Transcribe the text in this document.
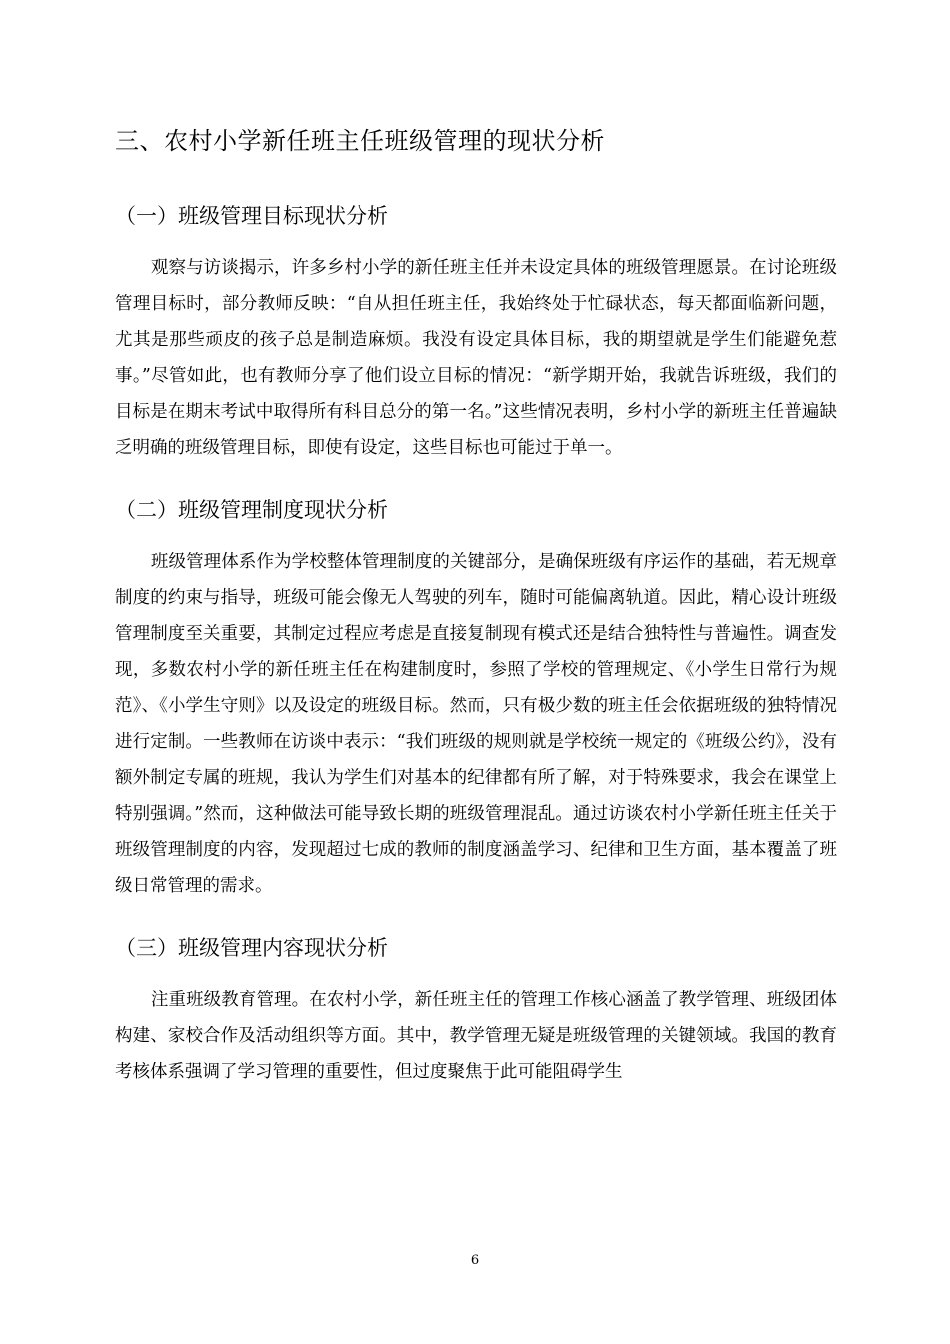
三、农村小学新任班主任班级管理的现状分析
（一）班级管理目标现状分析

观察与访谈揭示，许多乡村小学的新任班主任并未设定具体的班级管理愿景。在讨论班级管理目标时，部分教师反映：“自从担任班主任，我始终处于忙碌状态，每天都面临新问题，尤其是那些顽皮的孩子总是制造麻烦。我没有设定具体目标，我的期望就是学生们能避免惹事。”尽管如此，也有教师分享了他们设立目标的情况：“新学期开始，我就告诉班级，我们的目标是在期末考试中取得所有科目总分的第一名。”这些情况表明，乡村小学的新班主任普遍缺乏明确的班级管理目标，即使有设定，这些目标也可能过于单一。

（二）班级管理制度现状分析

班级管理体系作为学校整体管理制度的关键部分，是确保班级有序运作的基础，若无规章制度的约束与指导，班级可能会像无人驾驶的列车，随时可能偏离轨道。因此，精心设计班级管理制度至关重要，其制定过程应考虑是直接复制现有模式还是结合独特性与普遍性。调查发现，多数农村小学的新任班主任在构建制度时，参照了学校的管理规定、《小学生日常行为规范》、《小学生守则》以及设定的班级目标。然而，只有极少数的班主任会依据班级的独特情况进行定制。一些教师在访谈中表示：“我们班级的规则就是学校统一规定的《班级公约》，没有额外制定专属的班规，我认为学生们对基本的纪律都有所了解，对于特殊要求，我会在课堂上特别强调。”然而，这种做法可能导致长期的班级管理混乱。通过访谈农村小学新任班主任关于班级管理制度的内容，发现超过七成的教师的制度涵盖学习、纪律和卫生方面，基本覆盖了班级日常管理的需求。

（三）班级管理内容现状分析

注重班级教育管理。在农村小学，新任班主任的管理工作核心涵盖了教学管理、班级团体构建、家校合作及活动组织等方面。其中，教学管理无疑是班级管理的关键领域。我国的教育考核体系强调了学习管理的重要性，但过度聚焦于此可能阻碍学生

6
